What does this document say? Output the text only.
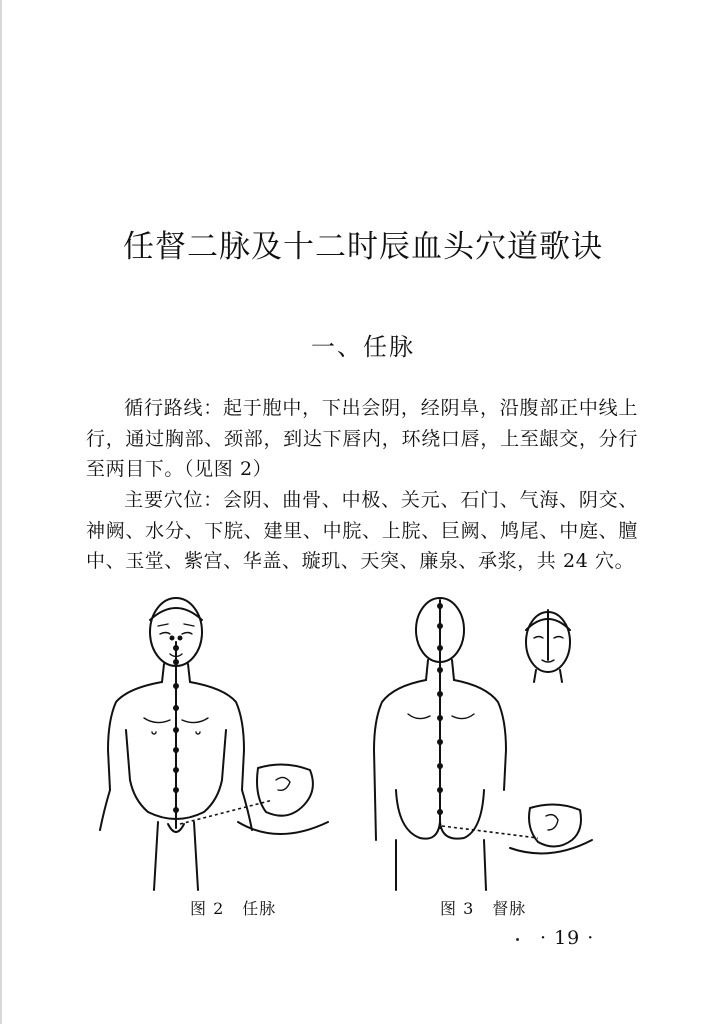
任督二脉及十二时辰血头穴道歌诀
一、任脉

循行路线：起于胞中，下出会阴，经阴阜，沿腹部正中线上行，通过胸部、颈部，到达下唇内，环绕口唇，上至龈交，分行至两目下。（见图 2）

主要穴位：会阴、曲骨、中极、关元、石门、气海、阴交、神阙、水分、下脘、建里、中脘、上脘、巨阙、鸠尾、中庭、膻中、玉堂、紫宫、华盖、璇玑、天突、廉泉、承浆，共 24 穴。

图 2 任脉	图 3 督脉
· 19 ·
